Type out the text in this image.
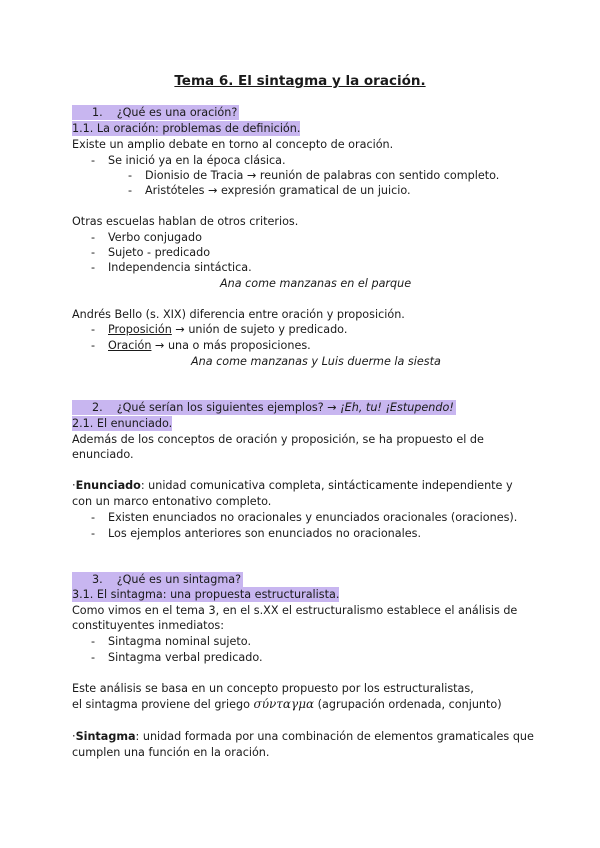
Tema 6. El sintagma y la oración.
1. ¿Qué es una oración?
1.1. La oración: problemas de definición.
Existe un amplio debate en torno al concepto de oración.
- Se inició ya en la época clásica.
- Dionisio de Tracia → reunión de palabras con sentido completo.
- Aristóteles → expresión gramatical de un juicio.
Otras escuelas hablan de otros criterios.
- Verbo conjugado
- Sujeto - predicado
- Independencia sintáctica.
Ana come manzanas en el parque
Andrés Bello (s. XIX) diferencia entre oración y proposición.
- Proposición → unión de sujeto y predicado.
- Oración → una o más proposiciones.
Ana come manzanas y Luis duerme la siesta
2. ¿Qué serían los siguientes ejemplos? → ¡Eh, tu! ¡Estupendo!
2.1. El enunciado.
Además de los conceptos de oración y proposición, se ha propuesto el de
enunciado.
·Enunciado: unidad comunicativa completa, sintácticamente independiente y
con un marco entonativo completo.
- Existen enunciados no oracionales y enunciados oracionales (oraciones).
- Los ejemplos anteriores son enunciados no oracionales.
3. ¿Qué es un sintagma?
3.1. El sintagma: una propuesta estructuralista.
Como vimos en el tema 3, en el s.XX el estructuralismo establece el análisis de
constituyentes inmediatos:
- Sintagma nominal sujeto.
- Sintagma verbal predicado.
Este análisis se basa en un concepto propuesto por los estructuralistas,
el sintagma proviene del griego σύνταγμα (agrupación ordenada, conjunto)
·Sintagma: unidad formada por una combinación de elementos gramaticales que
cumplen una función en la oración.
